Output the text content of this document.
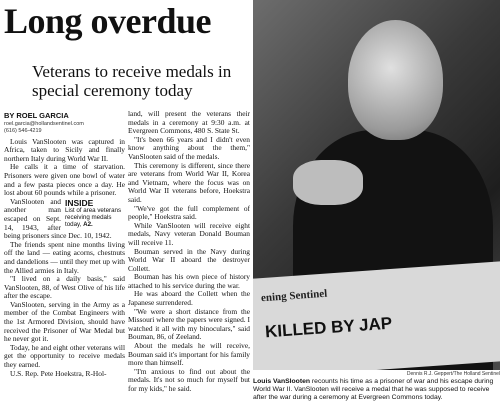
Long overdue
Veterans to receive medals in special ceremony today

BY ROEL GARCIA

roel.garcia@hollandsentinel.com

(616) 546-4219

Louis VanSlooten was captured in Africa, taken to Sicily and finally northern Italy during World War II.

He calls it a time of starvation. Prisoners were given one bowl of water and a few pasta pieces once a day. He lost about 60 pounds while a prisoner.

INSIDE
List of area veterans receiving medals today, A2.

VanSlooten and another man escaped on Sept. 14, 1943, after being prisoners since Dec. 10, 1942.

The friends spent nine months living off the land — eating acorns, chestnuts and dandelions — until they met up with the Allied armies in Italy.

"I lived on a daily basis," said VanSlooten, 88, of West Olive of his life after the escape.

VanSlooten, serving in the Army as a member of the Combat Engineers with the 1st Armored Division, should have received the Prisoner of War Medal but he never got it.

Today, he and eight other veterans will get the opportunity to receive medals they earned.

U.S. Rep. Pete Hoekstra, R-Hol-

land, will present the veterans their medals in a ceremony at 9:30 a.m. at Evergreen Commons, 480 S. State St.

"It's been 66 years and I didn't even know anything about the them," VanSlooten said of the medals.

This ceremony is different, since there are veterans from World War II, Korea and Vietnam, where the focus was on World War II veterans before, Hoekstra said.

"We've got the full complement of people," Hoekstra said.

While VanSlooten will receive eight medals, Navy veteran Donald Bouman will receive 11.

Bouman served in the Navy during World War II aboard the destroyer Collett.

Bouman has his own piece of history attached to his service during the war.

He was aboard the Collett when the Japanese surrendered.

"We were a short distance from the Missouri where the papers were signed. I watched it all with my binoculars," said Bouman, 86, of Zeeland.

About the medals he will receive, Bouman said it's important for his family more than himself.

"I'm anxious to find out about the medals. It's not so much for myself but for my kids," he said.

ening Sentinel
KILLED BY JAP
Dennis R.J. Geppert/The Holland Sentinel
Louis VanSlooten recounts his time as a prisoner of war and his escape during World War II. VanSlooten will receive a medal that he was supposed to receive after the war during a ceremony at Evergreen Commons today.
